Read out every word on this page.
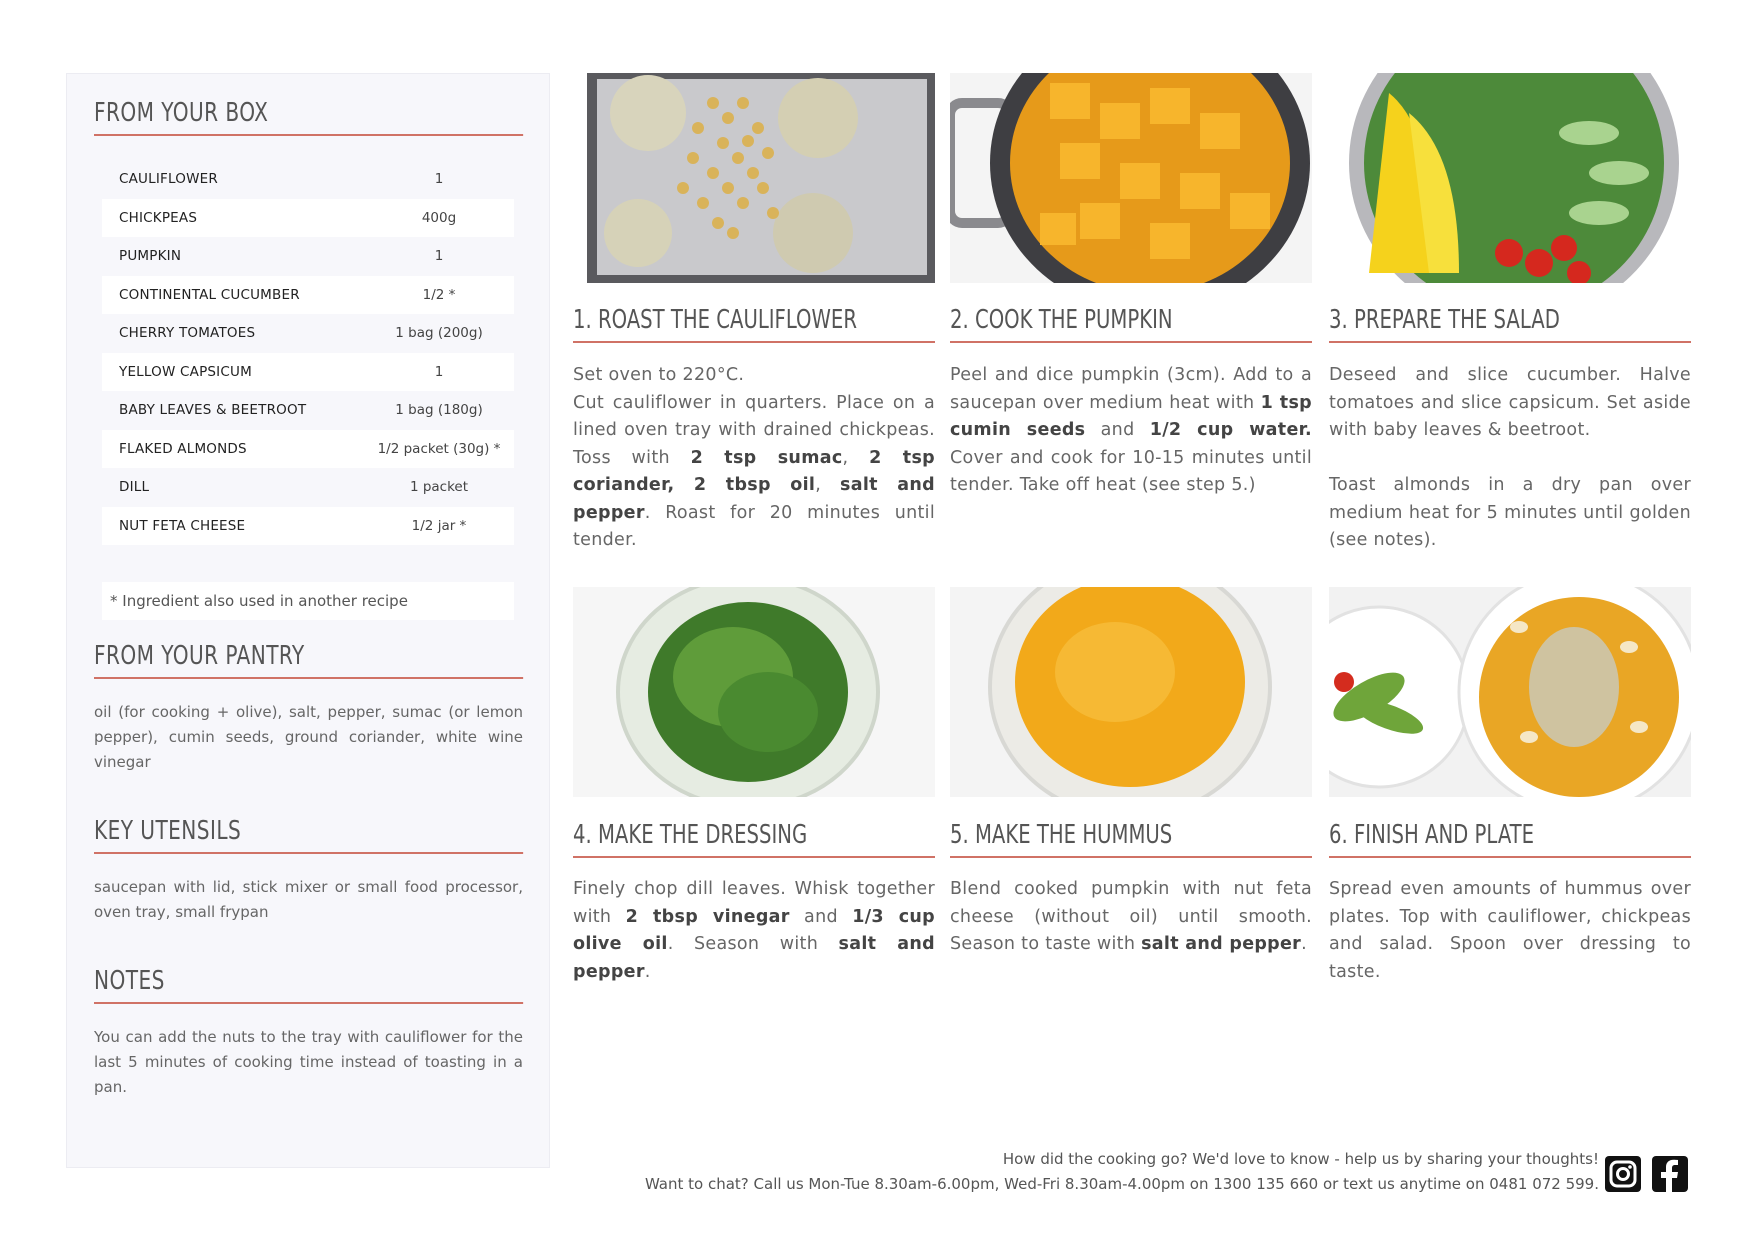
FROM YOUR BOX
CAULIFLOWER	1
CHICKPEAS	400g
PUMPKIN	1
CONTINENTAL CUCUMBER	1/2 *
CHERRY TOMATOES	1 bag (200g)
YELLOW CAPSICUM	1
BABY LEAVES & BEETROOT	1 bag (180g)
FLAKED ALMONDS	1/2 packet (30g) *
DILL	1 packet
NUT FETA CHEESE	1/2 jar *
* Ingredient also used in another recipe
FROM YOUR PANTRY
oil (for cooking + olive), salt, pepper, sumac (or lemon pepper), cumin seeds, ground coriander, white wine vinegar
KEY UTENSILS
saucepan with lid, stick mixer or small food processor, oven tray, small frypan
NOTES
You can add the nuts to the tray with cauliflower for the last 5 minutes of cooking time instead of toasting in a pan.
1. ROAST THE CAULIFLOWER
Set oven to 220°C.
Cut cauliflower in quarters. Place on a lined oven tray with drained chickpeas. Toss with 2 tsp sumac, 2 tsp coriander, 2 tbsp oil, salt and pepper. Roast for 20 minutes until tender.
2. COOK THE PUMPKIN
Peel and dice pumpkin (3cm). Add to a saucepan over medium heat with 1 tsp cumin seeds and 1/2 cup water. Cover and cook for 10-15 minutes until tender. Take off heat (see step 5.)
3. PREPARE THE SALAD
Deseed and slice cucumber. Halve tomatoes and slice capsicum. Set aside with baby leaves & beetroot.

Toast almonds in a dry pan over medium heat for 5 minutes until golden (see notes).
4. MAKE THE DRESSING
Finely chop dill leaves. Whisk together with 2 tbsp vinegar and 1/3 cup olive oil. Season with salt and pepper.
5. MAKE THE HUMMUS
Blend cooked pumpkin with nut feta cheese (without oil) until smooth. Season to taste with salt and pepper.
6. FINISH AND PLATE
Spread even amounts of hummus over plates. Top with cauliflower, chickpeas and salad. Spoon over dressing to taste.
How did the cooking go? We'd love to know - help us by sharing your thoughts!
Want to chat? Call us Mon-Tue 8.30am-6.00pm, Wed-Fri 8.30am-4.00pm on 1300 135 660 or text us anytime on 0481 072 599.
